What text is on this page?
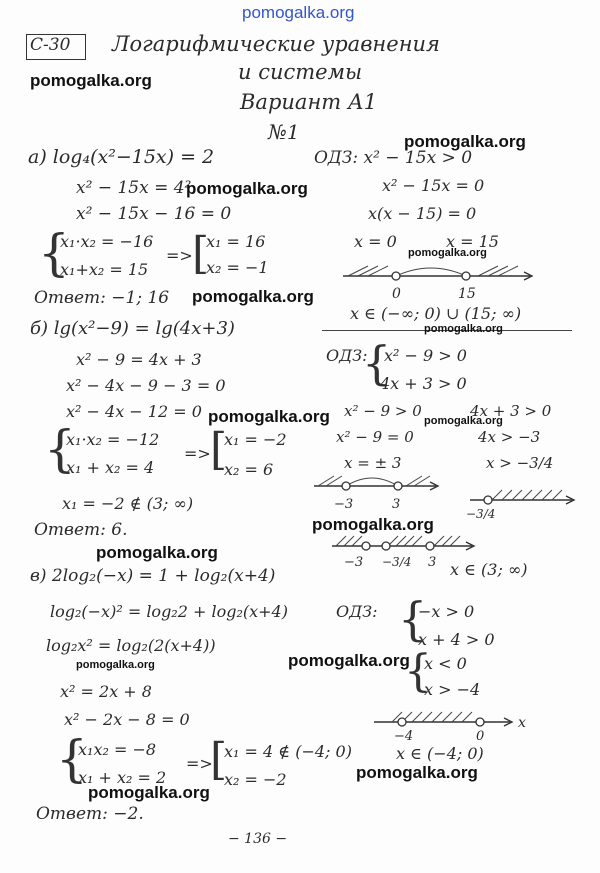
pomogalka.org
C-30 Логарифмические уравнения
и системы
Вариант А1
№1
а) log₄(x²−15x) = 2
x² − 15x = 4²
x² − 15x − 16 = 0
{
x₁·x₂ = −16
x₁+x₂ = 15
=> [
x₁ = 16
x₂ = −1
Ответ: −1; 16
ОДЗ: x² − 15x > 0
x² − 15x = 0
x(x − 15) = 0
x = 0	x = 15
0	15
x ∈ (−∞; 0) ∪ (15; ∞)
б) lg(x²−9) = lg(4x+3)
x² − 9 = 4x + 3
x² − 4x − 9 − 3 = 0
x² − 4x − 12 = 0
{
x₁·x₂ = −12
x₁ + x₂ = 4
=> [
x₁ = −2
x₂ = 6
x₁ = −2 ∉ (3; ∞)
Ответ: 6.
ОДЗ:
{
x² − 9 > 0
4x + 3 > 0
x² − 9 > 0
x² − 9 = 0
x = ± 3
4x + 3 > 0
4x > −3
x > −3/4
−3	3
−3/4
−3 −3/4 3 x ∈ (3; ∞)
в) 2log₂(−x) = 1 + log₂(x+4)
log₂(−x)² = log₂2 + log₂(x+4)
log₂x² = log₂(2(x+4))
x² = 2x + 8
x² − 2x − 8 = 0
{
x₁x₂ = −8
x₁ + x₂ = 2
=>
[
x₁ = 4 ∉ (−4; 0)
x₂ = −2
Ответ: −2.
ОДЗ: {
−x > 0
x + 4 > 0
{
x < 0
x > −4
x
−4	0
x ∈ (−4; 0)
− 136 −
pomogalka.org
pomogalka.org
pomogalka.org
pomogalka.org
pomogalka.org
pomogalka.org
pomogalka.org	pomogalka.org
pomogalka.org
pomogalka.org
pomogalka.org
pomogalka.org
pomogalka.org
pomogalka.org
